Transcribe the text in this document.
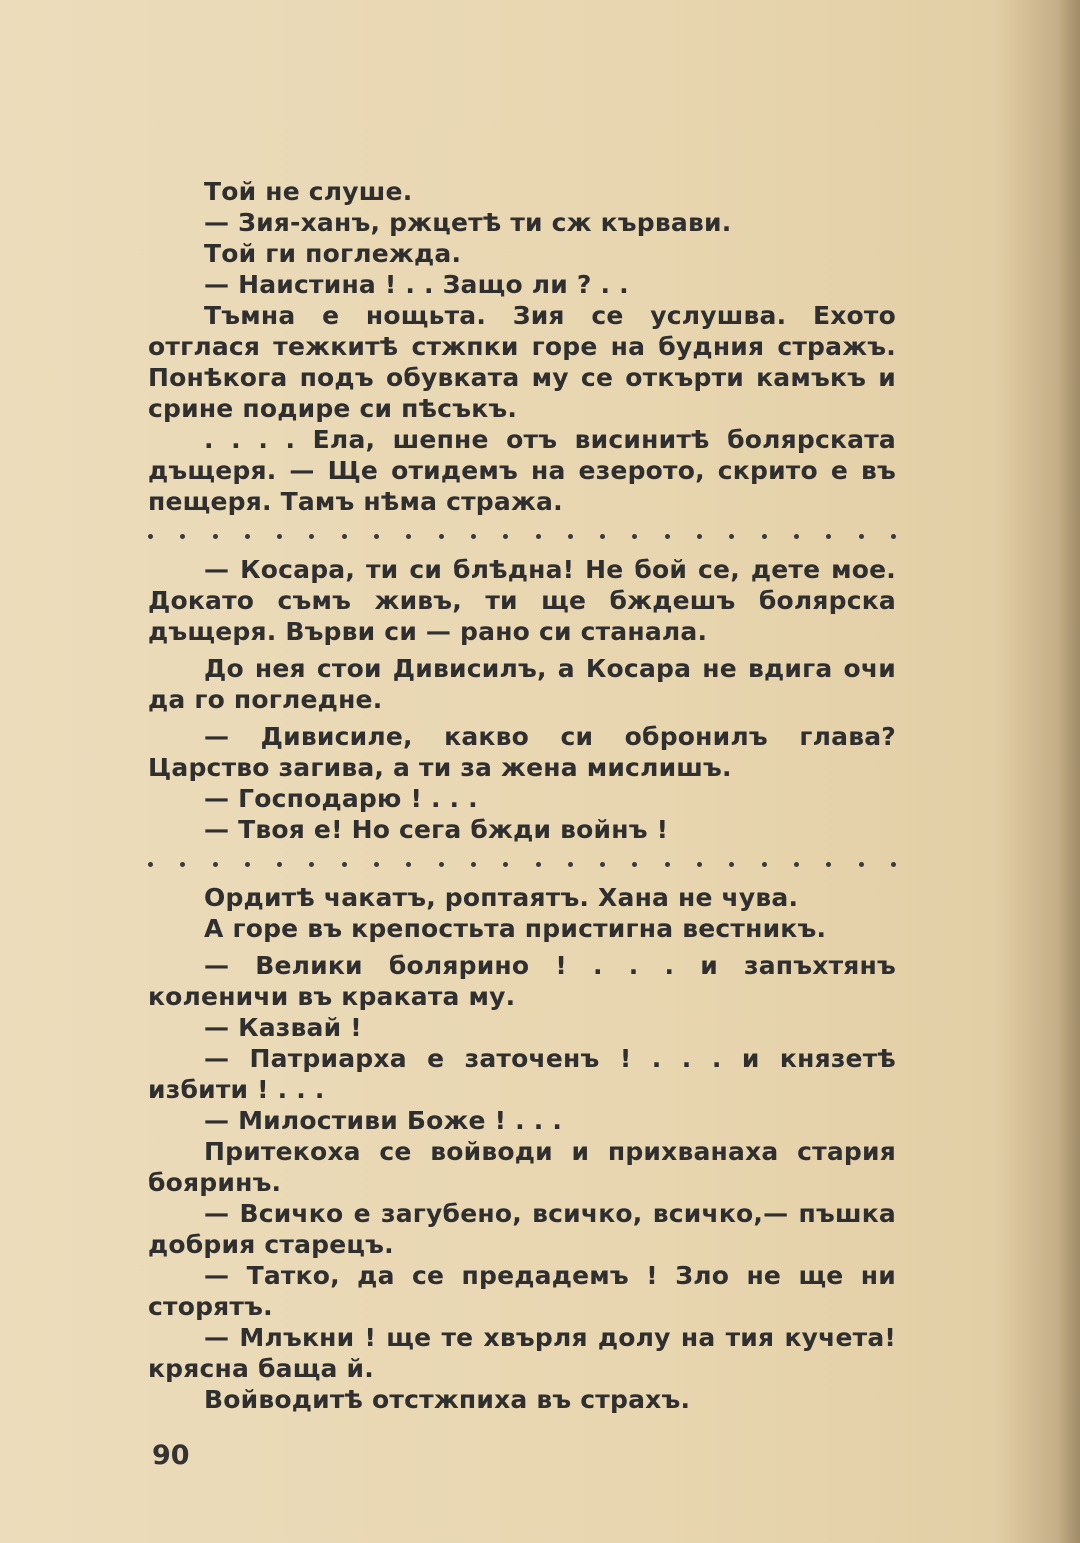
Той не слуше.

— Зия-ханъ, ржцетѣ ти сж кървави.

Той ги поглежда.

— Наистина ! . . Защо ли ? . .

Тъмна е нощьта. Зия се услушва. Ехото отглася тежкитѣ стжпки горе на будния стражъ. Понѣкога подъ обувката му се откърти камъкъ и срине подире си пѣсъкъ.

. . . . Ела, шепне отъ висинитѣ болярската дъщеря. — Ще отидемъ на езерото, скрито е въ пещеря. Тамъ нѣма стража.

— Косара, ти си блѣдна! Не бой се, дете мое. Докато съмъ живъ, ти ще бждешъ болярска дъщеря. Върви си — рано си станала.

До нея стои Дивисилъ, а Косара не вдига очи да го погледне.

— Дивисиле, какво си обронилъ глава? Царство загива, а ти за жена мислишъ.

— Господарю ! . . .

— Твоя е! Но сега бжди войнъ !

Ордитѣ чакатъ, роптаятъ. Хана не чува.

А горе въ крепостьта пристигна вестникъ.

— Велики болярино ! . . . и запъхтянъ коленичи въ краката му.

— Казвай !

— Патриарха е заточенъ ! . . . и князетѣ избити ! . . .

— Милостиви Боже ! . . .

Притекоха се войводи и прихванаха стария бояринъ.

— Всичко е загубено, всичко, всичко,— пъшка добрия старецъ.

— Татко, да се предадемъ ! Зло не ще ни сторятъ.

— Млъкни ! ще те хвърля долу на тия кучета! крясна баща й.

Войводитѣ отстжпиха въ страхъ.

90
